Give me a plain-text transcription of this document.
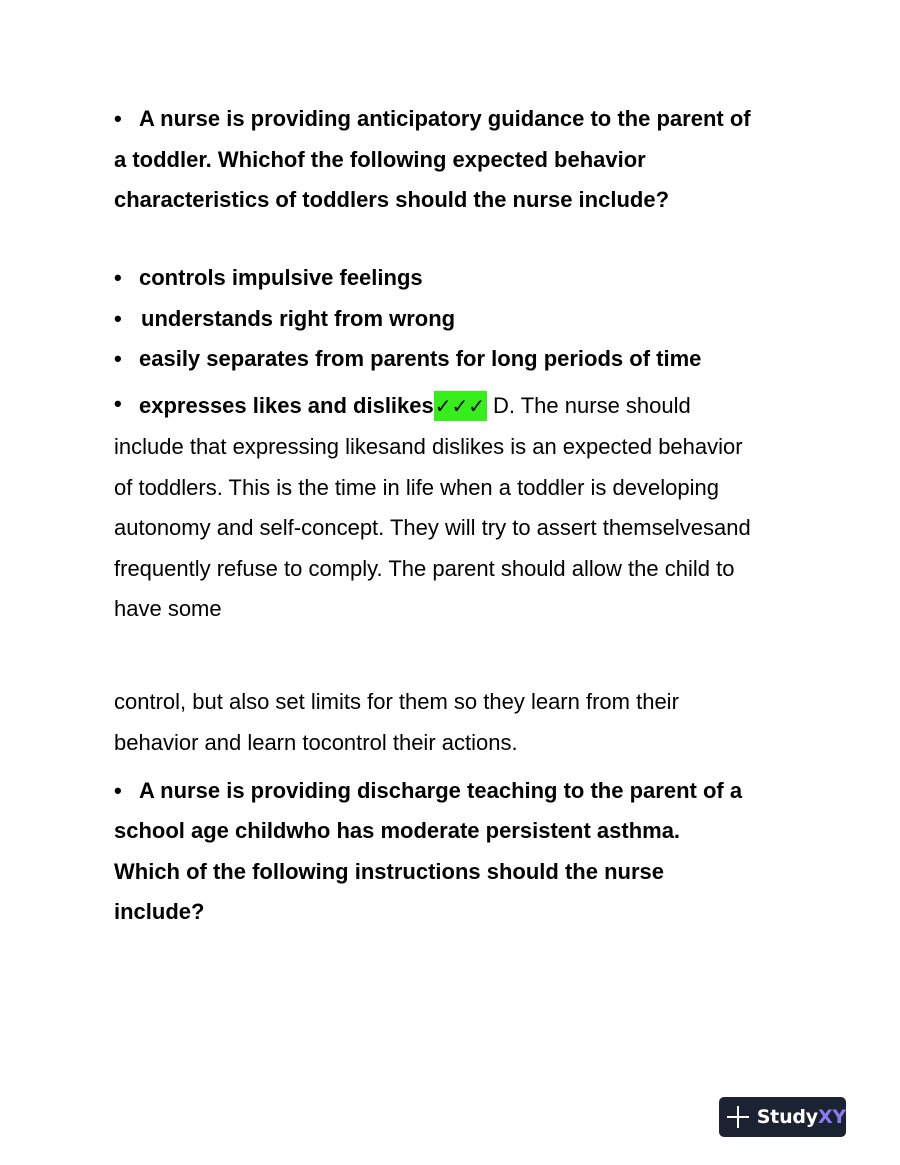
• A nurse is providing anticipatory guidance to the parent of
a toddler. Whichof the following expected behavior
characteristics of toddlers should the nurse include?
• controls impulsive feelings
• understands right from wrong
• easily separates from parents for long periods of time
• expresses likes and dislikes✓✓✓ D. The nurse should
include that expressing likesand dislikes is an expected behavior
of toddlers. This is the time in life when a toddler is developing
autonomy and self-concept. They will try to assert themselvesand
frequently refuse to comply. The parent should allow the child to
have some
control, but also set limits for them so they learn from their
behavior and learn tocontrol their actions.
• A nurse is providing discharge teaching to the parent of a
school age childwho has moderate persistent asthma.
Which of the following instructions should the nurse
include?
StudyXY
